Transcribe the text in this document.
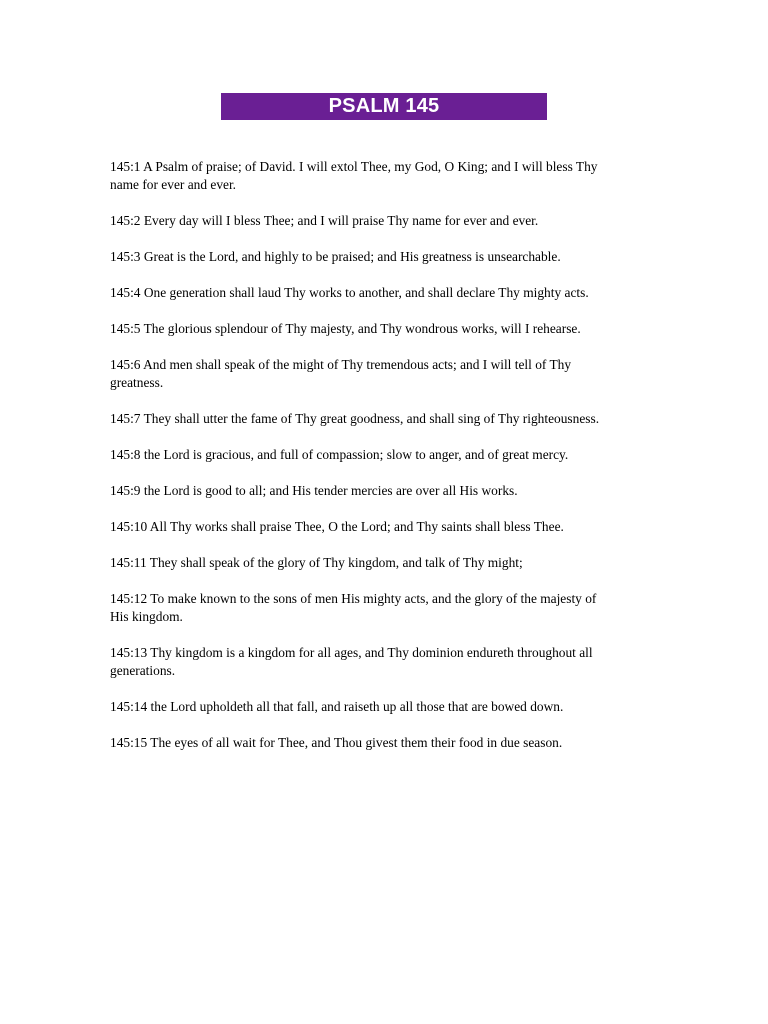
PSALM 145

145:1 A Psalm of praise; of David. I will extol Thee, my God, O King; and I will bless Thy name for ever and ever.

145:2 Every day will I bless Thee; and I will praise Thy name for ever and ever.

145:3 Great is the Lord, and highly to be praised; and His greatness is unsearchable.

145:4 One generation shall laud Thy works to another, and shall declare Thy mighty acts.

145:5 The glorious splendour of Thy majesty, and Thy wondrous works, will I rehearse.

145:6 And men shall speak of the might of Thy tremendous acts; and I will tell of Thy greatness.

145:7 They shall utter the fame of Thy great goodness, and shall sing of Thy righteousness.

145:8 the Lord is gracious, and full of compassion; slow to anger, and of great mercy.

145:9 the Lord is good to all; and His tender mercies are over all His works.

145:10 All Thy works shall praise Thee, O the Lord; and Thy saints shall bless Thee.

145:11 They shall speak of the glory of Thy kingdom, and talk of Thy might;

145:12 To make known to the sons of men His mighty acts, and the glory of the majesty of His kingdom.

145:13 Thy kingdom is a kingdom for all ages, and Thy dominion endureth throughout all generations.

145:14 the Lord upholdeth all that fall, and raiseth up all those that are bowed down.

145:15 The eyes of all wait for Thee, and Thou givest them their food in due season.
